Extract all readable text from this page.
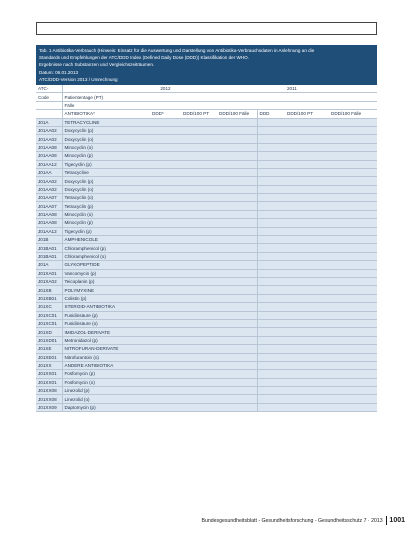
Tab. 1 Antibiotika-Verbrauch (Hinweis: Einsatz für die Auswertung und Darstellung von Antibiotika-Verbrauchsdaten in Anlehnung an die
Standards und Empfehlungen der ATC/DDD Index (Defined Daily Dose (DDD)) Klassifikation der WHO.
Ergebnisse nach Substanzen und Vergleichszeiträumen.
Datum: 06.01.2013
ATC/DDD-Version 2013 / Umrechnung
ATC-		2012				2011	
Code	Patiententage (PT)						
	Fälle						
	ANTIBIOTIKA*	DDD*	DDD/100 PT	DDD/100 Fälle	DDD	DDD/100 PT	DDD/100 Fälle
J01A	TETRACYCLINE						
J01AA02	Doxycyclin (p)						
J01AA02	Doxycyclin (o)						
J01AA08	Minocyclin (o)						
J01AA08	Minocyclin (p)						
J01AA12	Tigecyclin (p)						
J01AA	Tetracycline						
J01AA02	Doxycyclin (p)						
J01AA02	Doxycyclin (o)						
J01AA07	Tetracyclin (o)						
J01AA07	Tetracyclin (p)						
J01AA08	Minocyclin (o)						
J01AA08	Minocyclin (p)						
J01AA12	Tigecyclin (p)						
J01B	AMPHENICOLE						
J01BA01	Chloramphenicol (p)						
J01BA01	Chloramphenicol (o)						
J01A	GLYKOPEPTIDE						
J01XA01	Vancomycin (p)						
J01XA02	Teicoplanin (p)						
J01XB	POLYMYXINE						
J01XB01	Colistin (p)						
J01XC	STEROID-ANTIBIOTIKA						
J01XC01	Fusidinsäure (p)						
J01XC01	Fusidinsäure (o)						
J01XD	IMIDAZOL-DERIVATE						
J01XD01	Metronidazol (p)						
J01XE	NITROFURAN-DERIVATE						
J01XE01	Nitrofurantoin (o)						
J01XX	ANDERE ANTIBIOTIKA						
J01XX01	Fosfomycin (p)						
J01XX01	Fosfomycin (o)						
J01XX08	Linezolid (p)						
J01XX08	Linezolid (o)						
J01XX09	Daptomycin (p)						
Bundesgesundheitsblatt - Gesundheitsforschung - Gesundheitsschutz 7 · 2013 1001
